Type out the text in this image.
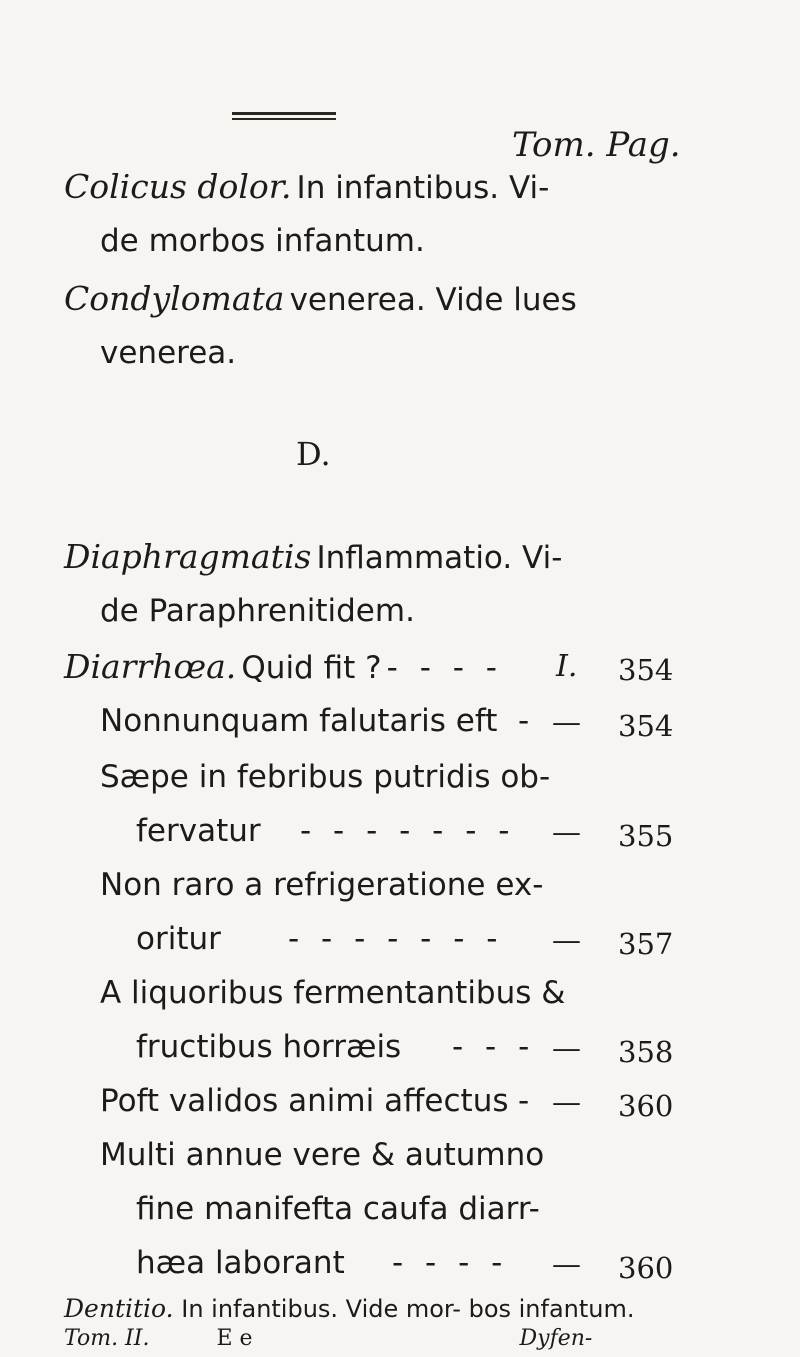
Tom. Pag.
Colicus dolor. In infantibus. Vi-
de morbos infantum.
Condylomata venerea. Vide lues
venerea.
D.
Diaphragmatis Inflammatio. Vi-
de Paraphrenitidem.
Diarrhœa. Quid fit ? - - - - I. 354
Nonnunquam falutaris eft - — 354
Sæpe in febribus putridis ob-
fervatur - - - - - - - — 355
Non raro a refrigeratione ex-
oritur - - - - - - - — 357
A liquoribus fermentantibus &
fructibus horræis - - - — 358
Poft validos animi affectus - — 360
Multi annue vere & autumno
fine manifefta caufa diarr-
hæa laborant - - - - — 360
Dentitio. In infantibus. Vide mor- bos infantum.
Tom. II.	E e	Dyfen-
